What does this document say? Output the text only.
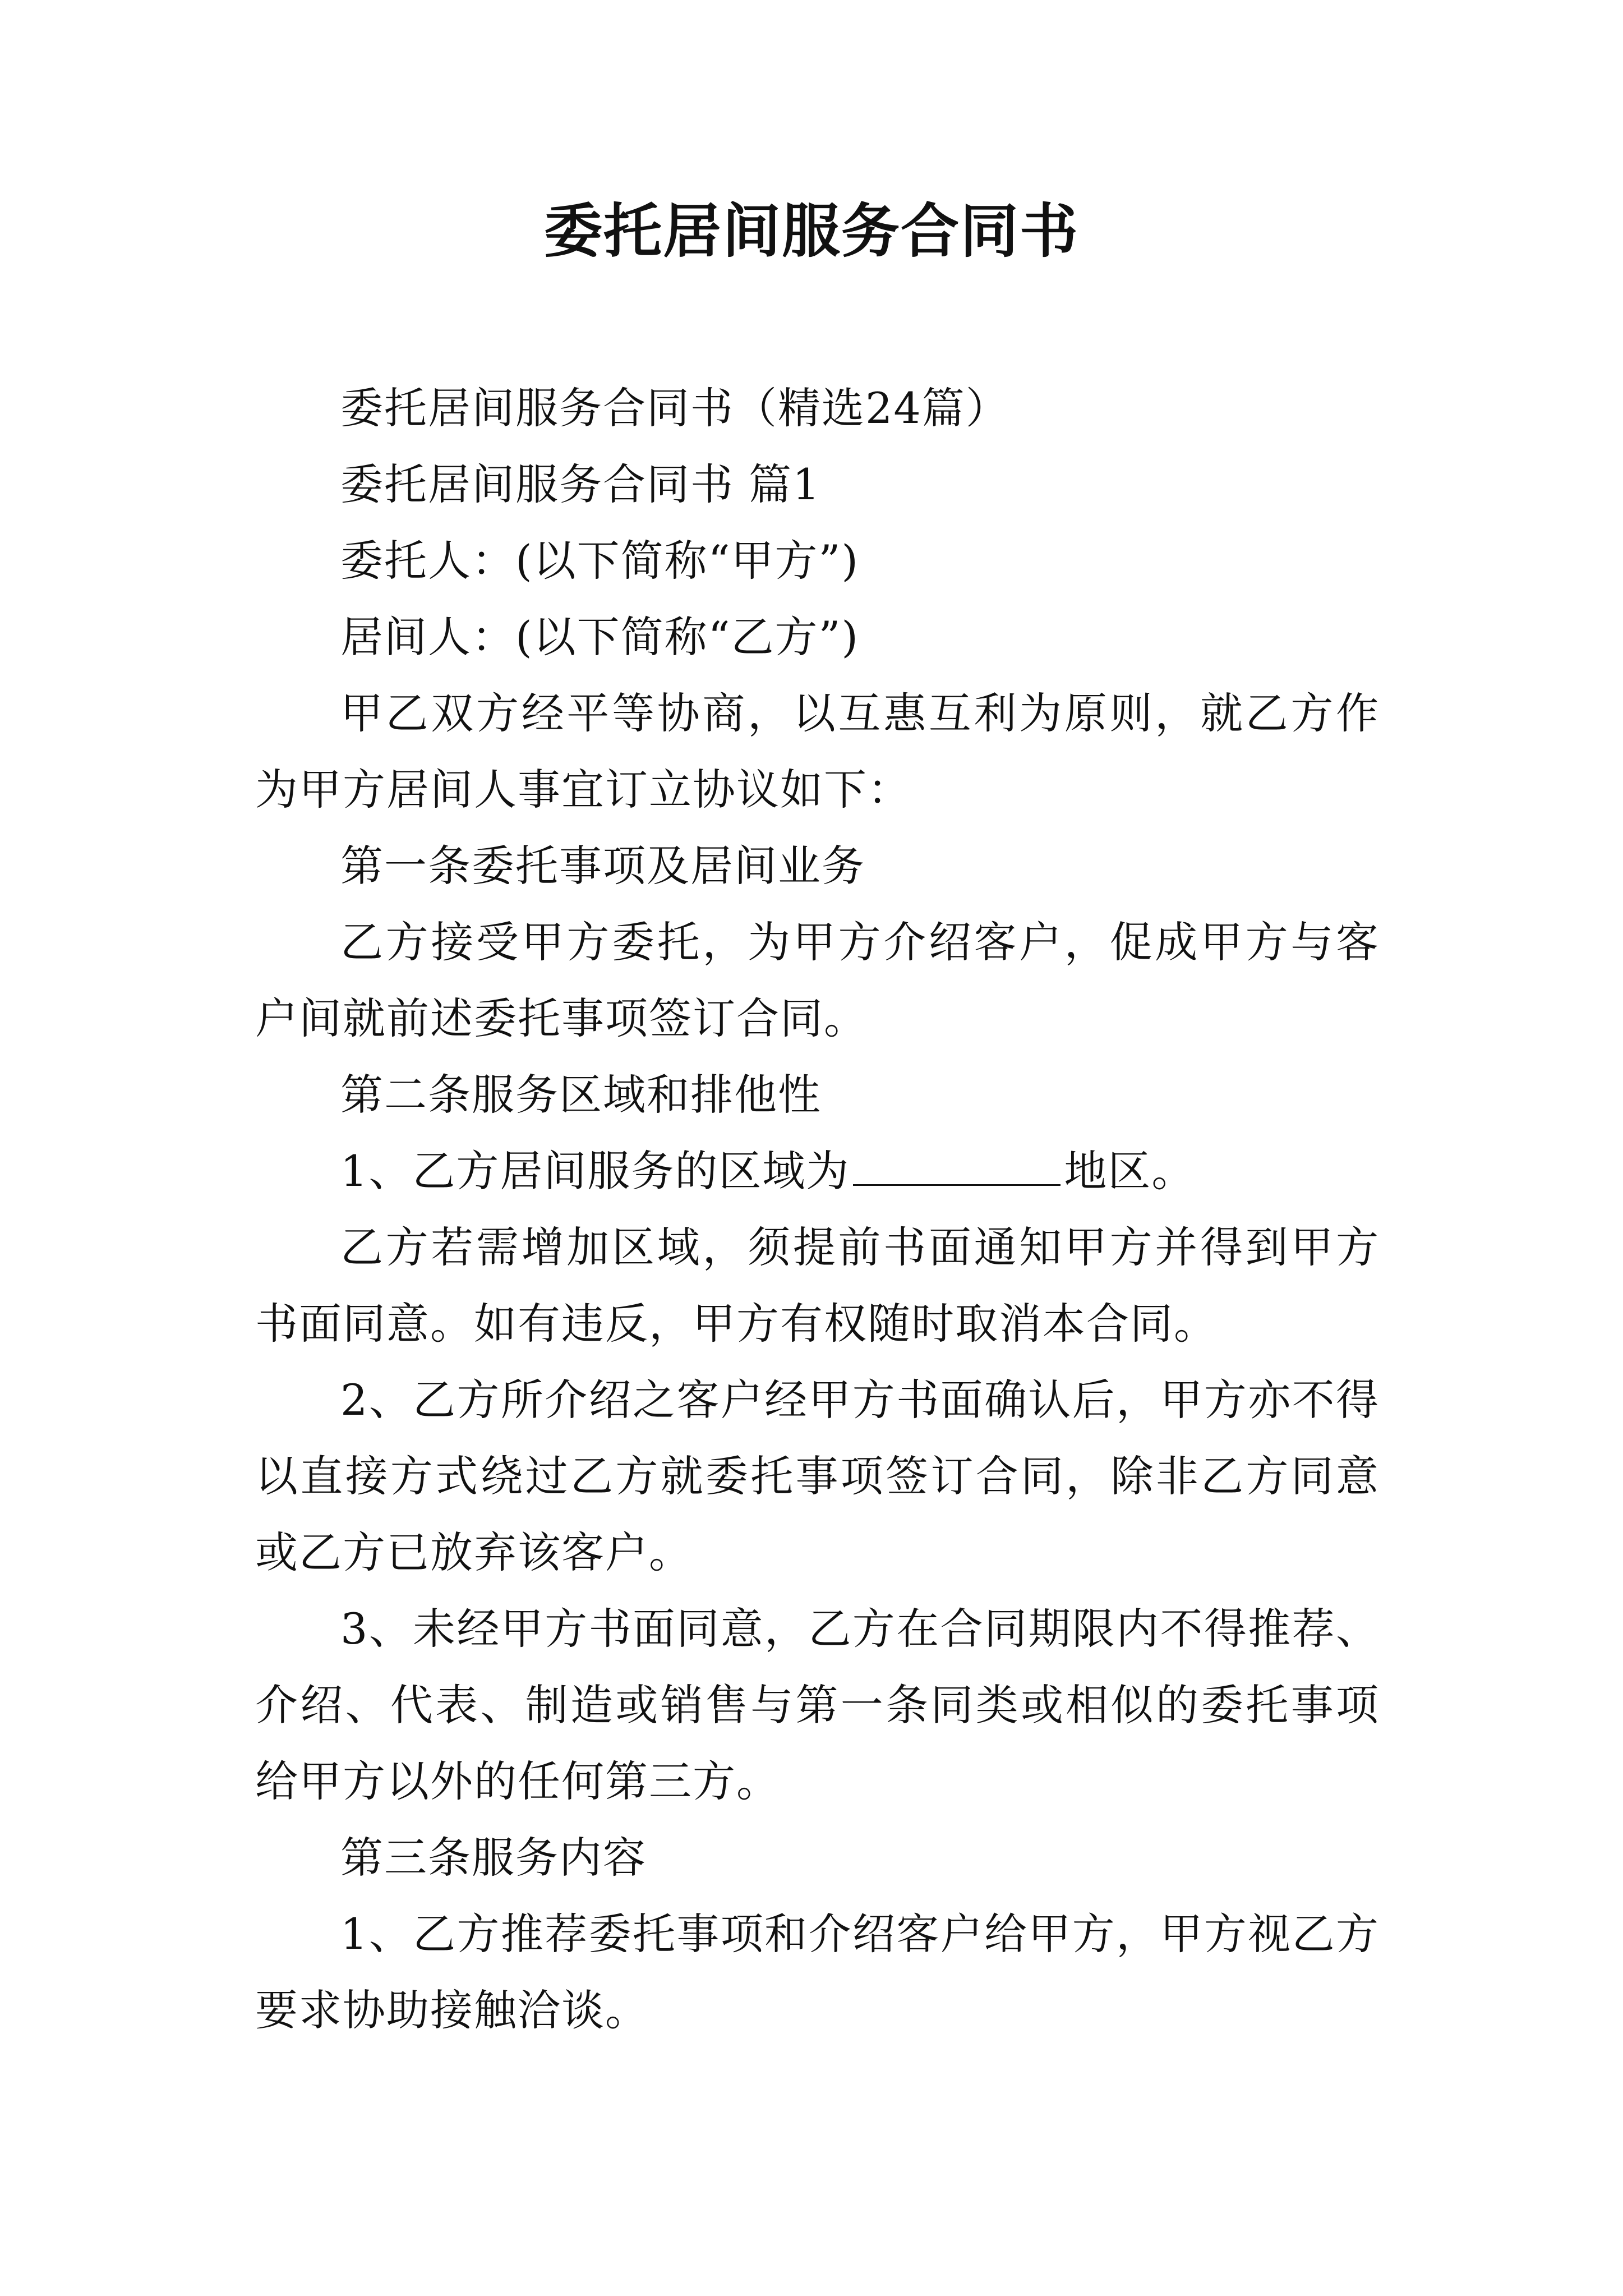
委托居间服务合同书

委托居间服务合同书（精选24篇）

委托居间服务合同书 篇1

委托人：(以下简称“甲方”)

居间人：(以下简称“乙方”)

甲乙双方经平等协商，以互惠互利为原则，就乙方作为甲方居间人事宜订立协议如下：

第一条委托事项及居间业务

乙方接受甲方委托，为甲方介绍客户，促成甲方与客户间就前述委托事项签订合同。

第二条服务区域和排他性

1、乙方居间服务的区域为	地区。

乙方若需增加区域，须提前书面通知甲方并得到甲方书面同意。如有违反，甲方有权随时取消本合同。

2、乙方所介绍之客户经甲方书面确认后，甲方亦不得以直接方式绕过乙方就委托事项签订合同，除非乙方同意或乙方已放弃该客户。

3、未经甲方书面同意，乙方在合同期限内不得推荐、介绍、代表、制造或销售与第一条同类或相似的委托事项给甲方以外的任何第三方。

第三条服务内容

1、乙方推荐委托事项和介绍客户给甲方，甲方视乙方要求协助接触洽谈。
